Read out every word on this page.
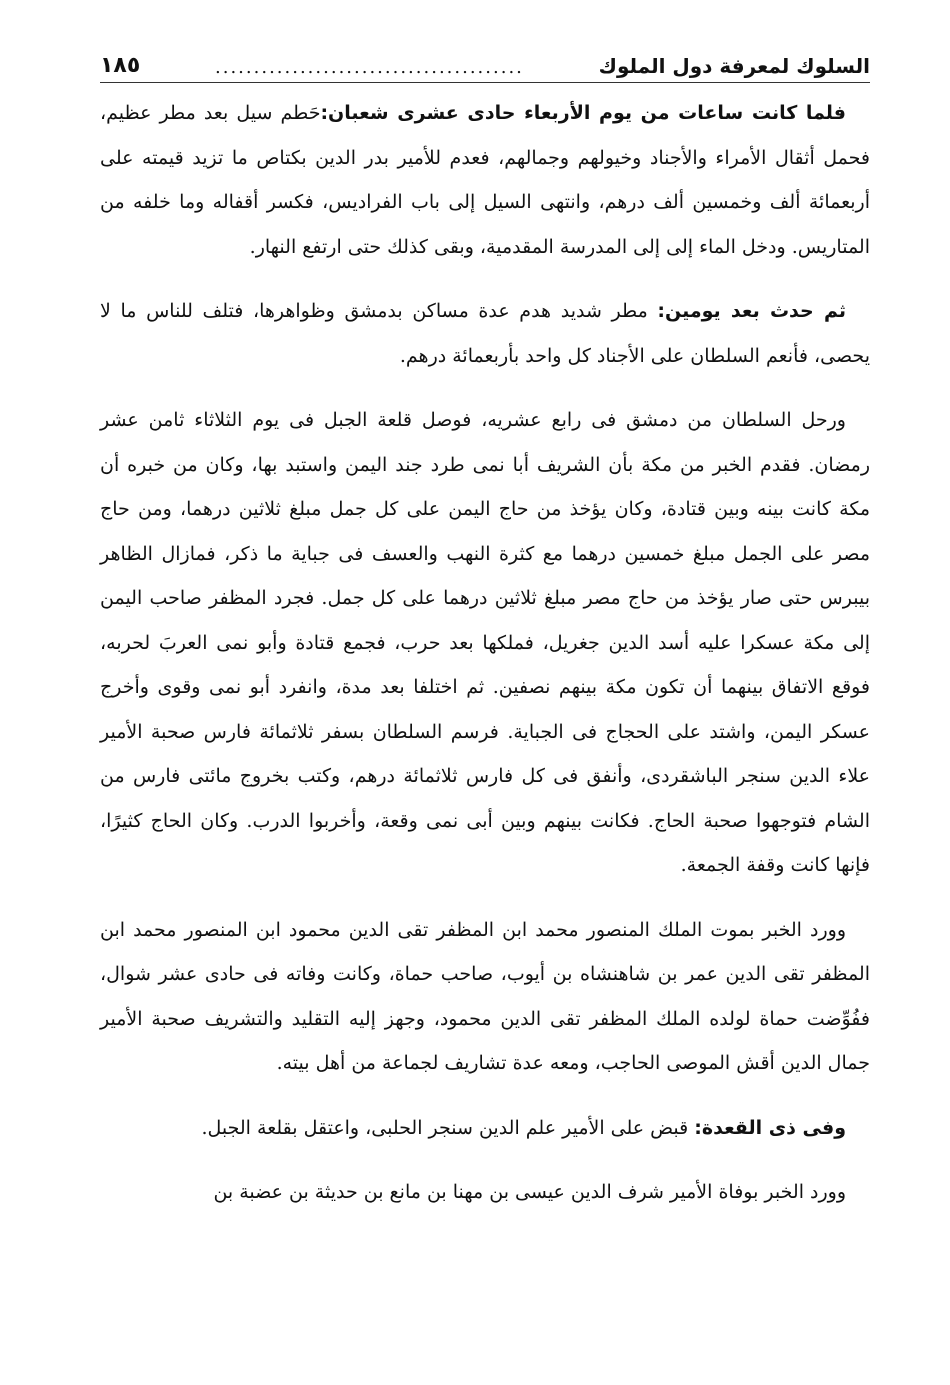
السلوك لمعرفة دول الملوك
........................................
١٨٥

فلما كانت ساعات من يوم الأربعاء حادى عشرى شعبان:حَطم سيل بعد مطر عظيم، فحمل أثقال الأمراء والأجناد وخيولهم وجمالهم، فعدم للأمير بدر الدين بكتاص ما تزيد قيمته على أربعمائة ألف وخمسين ألف درهم، وانتهى السيل إلى باب الفراديس، فكسر أقفاله وما خلفه من المتاريس. ودخل الماء إلى إلى المدرسة المقدمية، وبقى كذلك حتى ارتفع النهار.

ثم حدث بعد يومين: مطر شديد هدم عدة مساكن بدمشق وظواهرها، فتلف للناس ما لا يحصى، فأنعم السلطان على الأجناد كل واحد بأربعمائة درهم.

ورحل السلطان من دمشق فى رابع عشريه، فوصل قلعة الجبل فى يوم الثلاثاء ثامن عشر رمضان. فقدم الخبر من مكة بأن الشريف أبا نمى طرد جند اليمن واستبد بها، وكان من خبره أن مكة كانت بينه وبين قتادة، وكان يؤخذ من حاج اليمن على كل جمل مبلغ ثلاثين درهما، ومن حاج مصر على الجمل مبلغ خمسين درهما مع كثرة النهب والعسف فى جباية ما ذكر، فمازال الظاهر بيبرس حتى صار يؤخذ من حاج مصر مبلغ ثلاثين درهما على كل جمل. فجرد المظفر صاحب اليمن إلى مكة عسكرا عليه أسد الدين جغريل، فملكها بعد حرب، فجمع قتادة وأبو نمى العربَ لحربه، فوقع الاتفاق بينهما أن تكون مكة بينهم نصفين. ثم اختلفا بعد مدة، وانفرد أبو نمى وقوى وأخرج عسكر اليمن، واشتد على الحجاج فى الجباية. فرسم السلطان بسفر ثلاثمائة فارس صحبة الأمير علاء الدين سنجر الباشقردى، وأنفق فى كل فارس ثلاثمائة درهم، وكتب بخروج مائتى فارس من الشام فتوجهوا صحبة الحاج. فكانت بينهم وبين أبى نمى وقعة، وأخربوا الدرب. وكان الحاج كثيرًا، فإنها كانت وقفة الجمعة.

وورد الخبر بموت الملك المنصور محمد ابن المظفر تقى الدين محمود ابن المنصور محمد ابن المظفر تقى الدين عمر بن شاهنشاه بن أيوب، صاحب حماة، وكانت وفاته فى حادى عشر شوال، ففُوِّضت حماة لولده الملك المظفر تقى الدين محمود، وجهز إليه التقليد والتشريف صحبة الأمير جمال الدين أقش الموصى الحاجب، ومعه عدة تشاريف لجماعة من أهل بيته.

وفى ذى القعدة: قبض على الأمير علم الدين سنجر الحلبى، واعتقل بقلعة الجبل.

وورد الخبر بوفاة الأمير شرف الدين عيسى بن مهنا بن مانع بن حديثة بن عضبة بن
